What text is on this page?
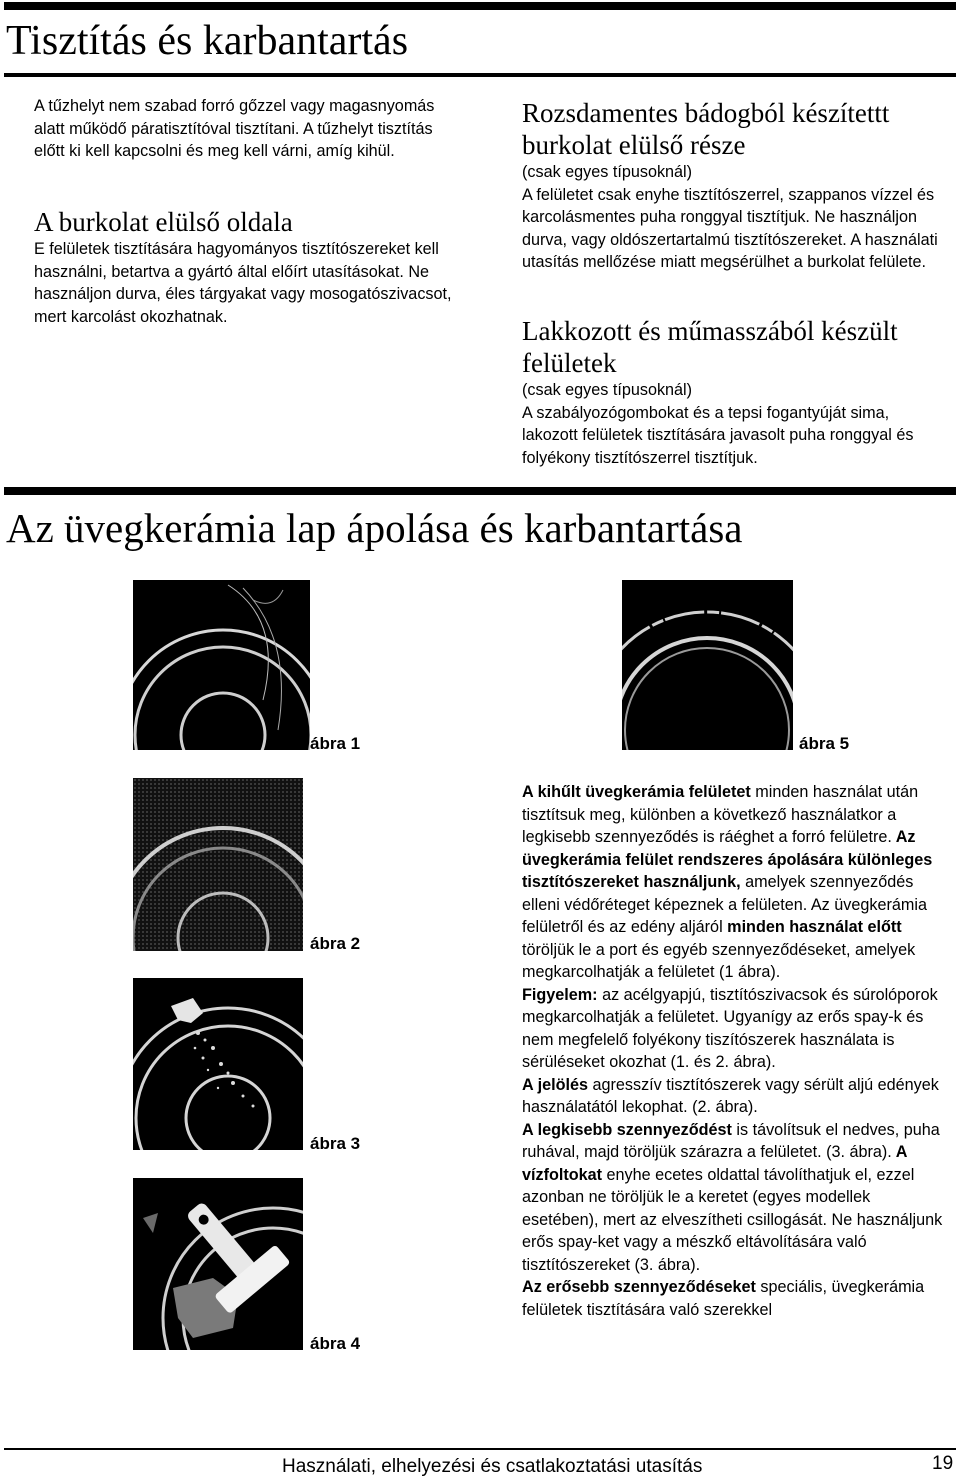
Tisztítás és karbantartás

A tűzhelyt nem szabad forró gőzzel vagy magasnyomás alatt működő páratisztítóval tisztítani. A tűzhelyt tisztítás előtt ki kell kapcsolni és meg kell várni, amíg kihül.

A burkolat elülső oldala

E felületek tisztítására hagyományos tisztítószereket kell használni, betartva a gyártó által előírt utasításokat. Ne használjon durva, éles tárgyakat vagy mosogatószivacsot, mert karcolást okozhatnak.

Rozsdamentes bádogból készítettt burkolat elülső része

(csak egyes típusoknál)

A felületet csak enyhe tisztítószerrel, szappanos vízzel és karcolásmentes puha ronggyal tisztítjuk. Ne használjon durva, vagy oldószertartalmú tisztítószereket. A használati utasítás mellőzése miatt megsérülhet a burkolat felülete.

Lakkozott és műmasszából készült felületek

(csak egyes típusoknál)

A szabályozógombokat és a tepsi fogantyúját sima, lakozott felületek tisztítására javasolt puha ronggyal és folyékony tisztítószerrel tisztítjuk.

Az üvegkerámia lap ápolása és karbantartása
ábra 1	ábra 5
ábra 2
ábra 3
ábra 4

A kihűlt üvegkerámia felületet minden használat után tisztítsuk meg, különben a következő használatkor a legkisebb szennyeződés is ráéghet a forró felületre. Az üvegkerámia felület rendszeres ápolására különleges tisztítószereket használjunk, amelyek szennyeződés elleni védőréteget képeznek a felületen. Az üvegkerámia felületről és az edény aljáról minden használat előtt töröljük le a port és egyéb szennyeződéseket, amelyek megkarcolhatják a felületet (1 ábra).

Figyelem: az acélgyapjú, tisztítószivacsok és súrolóporok megkarcolhatják a felületet. Ugyanígy az erős spay-k és nem megfelelő folyékony tiszítószerek használata is sérüléseket okozhat (1. és 2. ábra).

A jelölés agresszív tisztítószerek vagy sérült aljú edények használatától lekophat. (2. ábra).

A legkisebb szennyeződést is távolítsuk el nedves, puha ruhával, majd töröljük szárazra a felületet. (3. ábra). A vízfoltokat enyhe ecetes oldattal távolíthatjuk el, ezzel azonban ne töröljük le a keretet (egyes modellek esetében), mert az elveszítheti csillogását. Ne használjunk erős spay-ket vagy a mészkő eltávolítására való tisztítószereket (3. ábra).

Az erősebb szennyeződéseket speciális, üvegkerámia felületek tisztítására való szerekkel

Használati, elhelyezési és csatlakoztatási utasítás	19
